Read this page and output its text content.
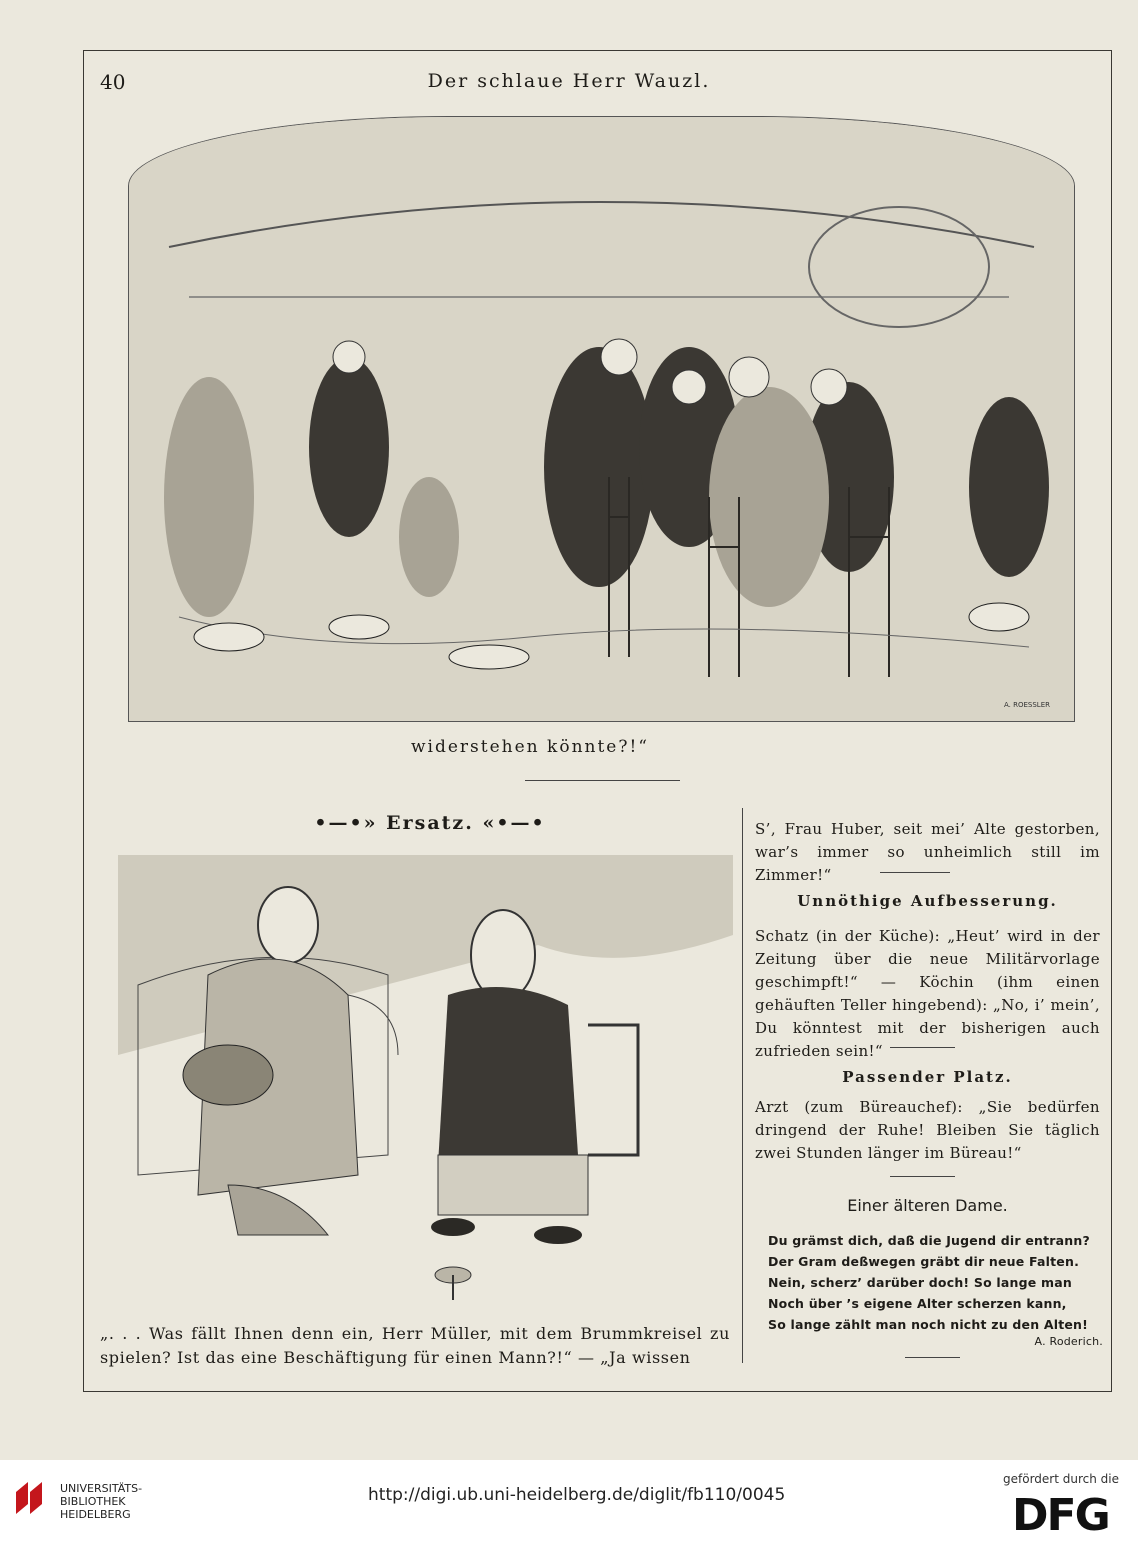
40	Der schlaue Herr Wauzl.
A. ROESSLER
widerstehen könnte?!“
•—•» Ersatz. «•—•
„. . . Was fällt Ihnen denn ein, Herr Müller, mit dem Brummkreisel zu spielen? Ist das eine Beschäftigung für einen Mann?!“ — „Ja wissen

S’, Frau Huber, seit mei’ Alte gestorben, war’s immer so unheimlich still im Zimmer!“

Unnöthige Aufbesserung.

Schatz (in der Küche): „Heut’ wird in der Zeitung über die neue Militärvorlage geschimpft!“ — Köchin (ihm einen gehäuften Teller hingebend): „No, i’ mein’, Du könntest mit der bisherigen auch zufrieden sein!“

Passender Platz.

Arzt (zum Büreauchef): „Sie bedürfen dringend der Ruhe! Bleiben Sie täglich zwei Stunden länger im Büreau!“

Einer älteren Dame.
Du grämst dich, daß die Jugend dir entrann?
Der Gram deßwegen gräbt dir neue Falten.
Nein, scherz’ darüber doch! So lange man
Noch über ’s eigene Alter scherzen kann,
So lange zählt man noch nicht zu den Alten!
A. Roderich.
UNIVERSITÄTS-
BIBLIOTHEK
HEIDELBERG
http://digi.ub.uni-heidelberg.de/diglit/fb110/0045
gefördert durch die
DFG
